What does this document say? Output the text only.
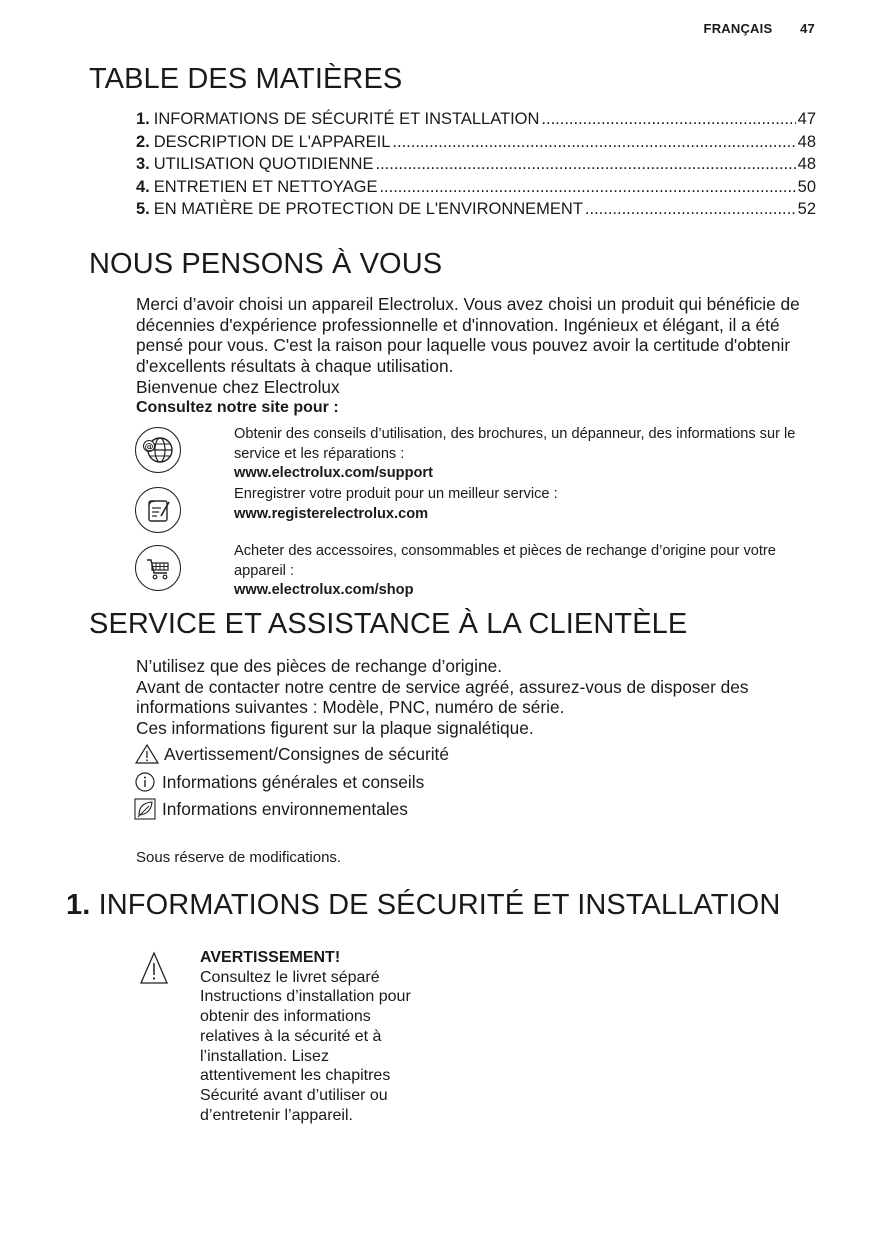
FRANÇAIS 47
TABLE DES MATIÈRES
1. INFORMATIONS DE SÉCURITÉ ET INSTALLATION .....	47
2. DESCRIPTION DE L'APPAREIL .....	48
3. UTILISATION QUOTIDIENNE .....	48
4. ENTRETIEN ET NETTOYAGE .....	50
5. EN MATIÈRE DE PROTECTION DE L'ENVIRONNEMENT .....	52
NOUS PENSONS À VOUS

Merci d’avoir choisi un appareil Electrolux. Vous avez choisi un produit qui bénéficie de décennies d'expérience professionnelle et d'innovation. Ingénieux et élégant, il a été pensé pour vous. C'est la raison pour laquelle vous pouvez avoir la certitude d'obtenir d'excellents résultats à chaque utilisation.

Bienvenue chez Electrolux

Consultez notre site pour :

@
Obtenir des conseils d’utilisation, des brochures, un dépanneur, des informations sur le service et les réparations :
www.electrolux.com/support
Enregistrer votre produit pour un meilleur service :
www.registerelectrolux.com
Acheter des accessoires, consommables et pièces de rechange d’origine pour votre appareil :
www.electrolux.com/shop
SERVICE ET ASSISTANCE À LA CLIENTÈLE

N’utilisez que des pièces de rechange d’origine.

Avant de contacter notre centre de service agréé, assurez-vous de disposer des informations suivantes : Modèle, PNC, numéro de série.

Ces informations figurent sur la plaque signalétique.

Avertissement/Consignes de sécurité
Informations générales et conseils
Informations environnementales
Sous réserve de modifications.
1. INFORMATIONS DE SÉCURITÉ ET INSTALLATION
AVERTISSEMENT!
Consultez le livret séparé Instructions d’installation pour obtenir des informations relatives à la sécurité et à l’installation. Lisez attentivement les chapitres Sécurité avant d’utiliser ou d’entretenir l’appareil.
